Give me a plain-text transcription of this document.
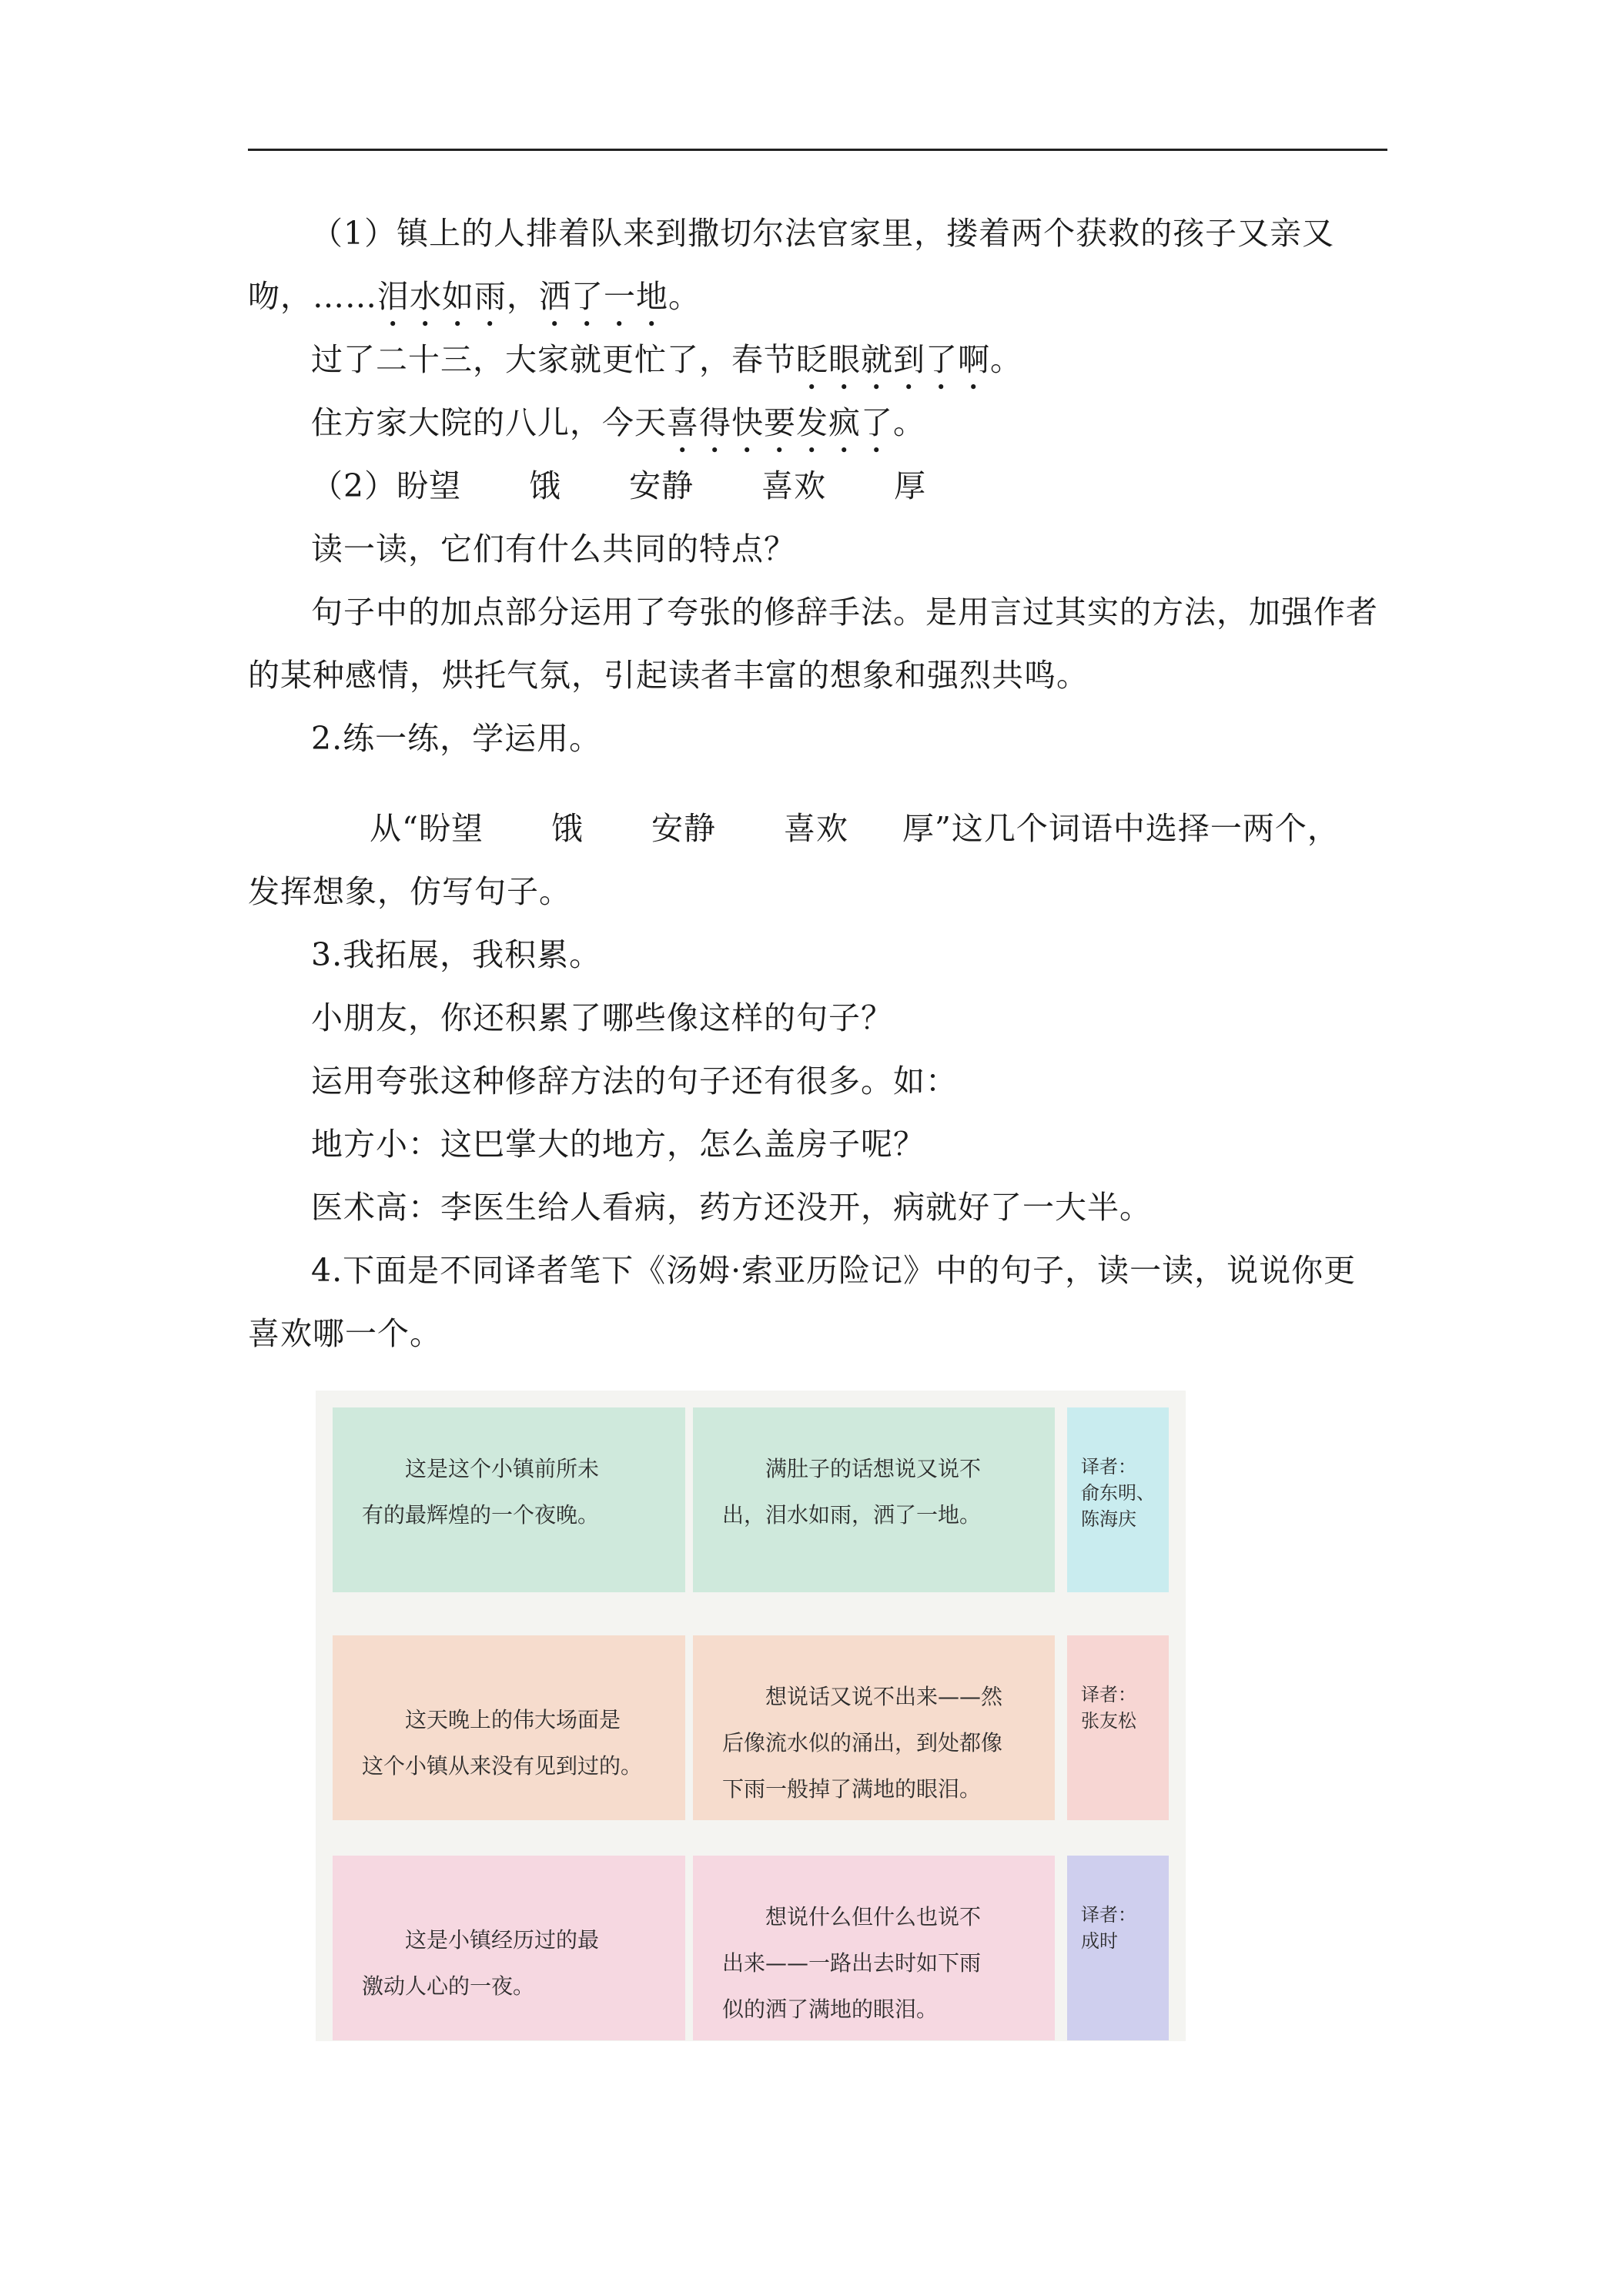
（1）镇上的人排着队来到撒切尔法官家里，搂着两个获救的孩子又亲又

吻，……泪水如雨，洒了一地。

过了二十三，大家就更忙了，春节眨眼就到了啊。

住方家大院的八儿，今天喜得快要发疯了。

（2）盼望 饿 安静 喜欢 厚

读一读，它们有什么共同的特点？

句子中的加点部分运用了夸张的修辞手法。是用言过其实的方法，加强作者

的某种感情，烘托气氛，引起读者丰富的想象和强烈共鸣。

2.练一练，学运用。

从“盼望 饿 安静 喜欢 厚”这几个词语中选择一两个，

发挥想象，仿写句子。

3.我拓展，我积累。

小朋友，你还积累了哪些像这样的句子？

运用夸张这种修辞方法的句子还有很多。如：

地方小：这巴掌大的地方，怎么盖房子呢？

医术高：李医生给人看病，药方还没开，病就好了一大半。

4.下面是不同译者笔下《汤姆·索亚历险记》中的句子，读一读，说说你更

喜欢哪一个。

　　这是这个小镇前所未
有的最辉煌的一个夜晚。
　　满肚子的话想说又说不
出，泪水如雨，洒了一地。
译者：
俞东明、
陈海庆
　　这天晚上的伟大场面是
这个小镇从来没有见到过的。
　　想说话又说不出来——然
后像流水似的涌出，到处都像
下雨一般掉了满地的眼泪。
译者：
张友松
　　这是小镇经历过的最
激动人心的一夜。
　　想说什么但什么也说不
出来——一路出去时如下雨
似的洒了满地的眼泪。
译者：
成时
